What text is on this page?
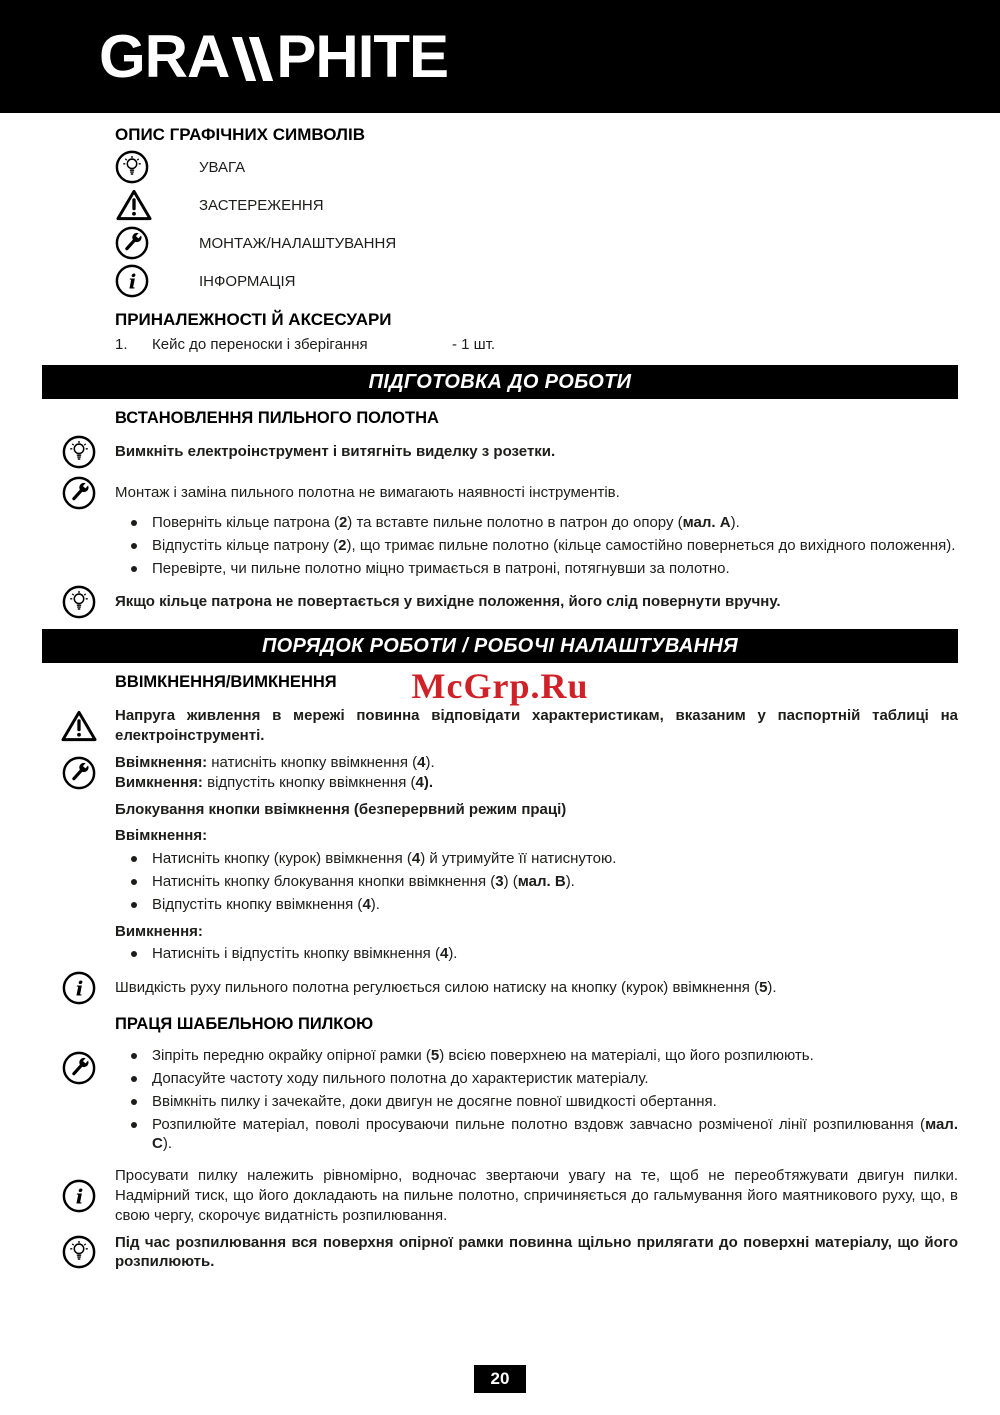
GRA PHITE
ОПИС ГРАФІЧНИХ СИМВОЛІВ
УВАГА
ЗАСТЕРЕЖЕННЯ
МОНТАЖ/НАЛАШТУВАННЯ
ІНФОРМАЦІЯ
ПРИНАЛЕЖНОСТІ Й АКСЕСУАРИ
1.	Кейс до переноски і зберігання	- 1 шт.
ПІДГОТОВКА ДО РОБОТИ
ВСТАНОВЛЕННЯ ПИЛЬНОГО ПОЛОТНА

Вимкніть електроінструмент і витягніть виделку з розетки.

Монтаж і заміна пильного полотна не вимагають наявності інструментів.

Поверніть кільце патрона (2) та вставте пильне полотно в патрон до опору (мал. A).
Відпустіть кільце патрону (2), що тримає пильне полотно (кільце самостійно повернеться до вихідного положення).
Перевірте, чи пильне полотно міцно тримається в патроні, потягнувши за полотно.

Якщо кільце патрона не повертається у вихідне положення, його слід повернути вручну.

ПОРЯДОК РОБОТИ / РОБОЧІ НАЛАШТУВАННЯ
ВВІМКНЕННЯ/ВИМКНЕННЯ	McGrp.Ru

Напруга живлення в мережі повинна відповідати характеристикам, вказаним у паспортній таблиці на електроінструменті.

Ввімкнення: натисніть кнопку ввімкнення (4).

Вимкнення: відпустіть кнопку ввімкнення (4).

Блокування кнопки ввімкнення (безперервний режим праці)

Ввімкнення:

Натисніть кнопку (курок) ввімкнення (4) й утримуйте її натиснутою.
Натисніть кнопку блокування кнопки ввімкнення (3) (мал. B).
Відпустіть кнопку ввімкнення (4).

Вимкнення:

Натисніть і відпустіть кнопку ввімкнення (4).

Швидкість руху пильного полотна регулюється силою натиску на кнопку (курок) ввімкнення (5).

ПРАЦЯ ШАБЕЛЬНОЮ ПИЛКОЮ
Зіпріть передню окрайку опірної рамки (5) всією поверхнею на матеріалі, що його розпилюють.
Допасуйте частоту ходу пильного полотна до характеристик матеріалу.
Ввімкніть пилку і зачекайте, доки двигун не досягне повної швидкості обертання.
Розпилюйте матеріал, поволі просуваючи пильне полотно вздовж завчасно розміченої лінії розпилювання (мал. C).

Просувати пилку належить рівномірно, водночас звертаючи увагу на те, щоб не переобтяжувати двигун пилки. Надмірний тиск, що його докладають на пильне полотно, спричиняється до гальмування його маятникового руху, що, в свою чергу, скорочує видатність розпилювання.

Під час розпилювання вся поверхня опірної рамки повинна щільно прилягати до поверхні матеріалу, що його розпилюють.

20
